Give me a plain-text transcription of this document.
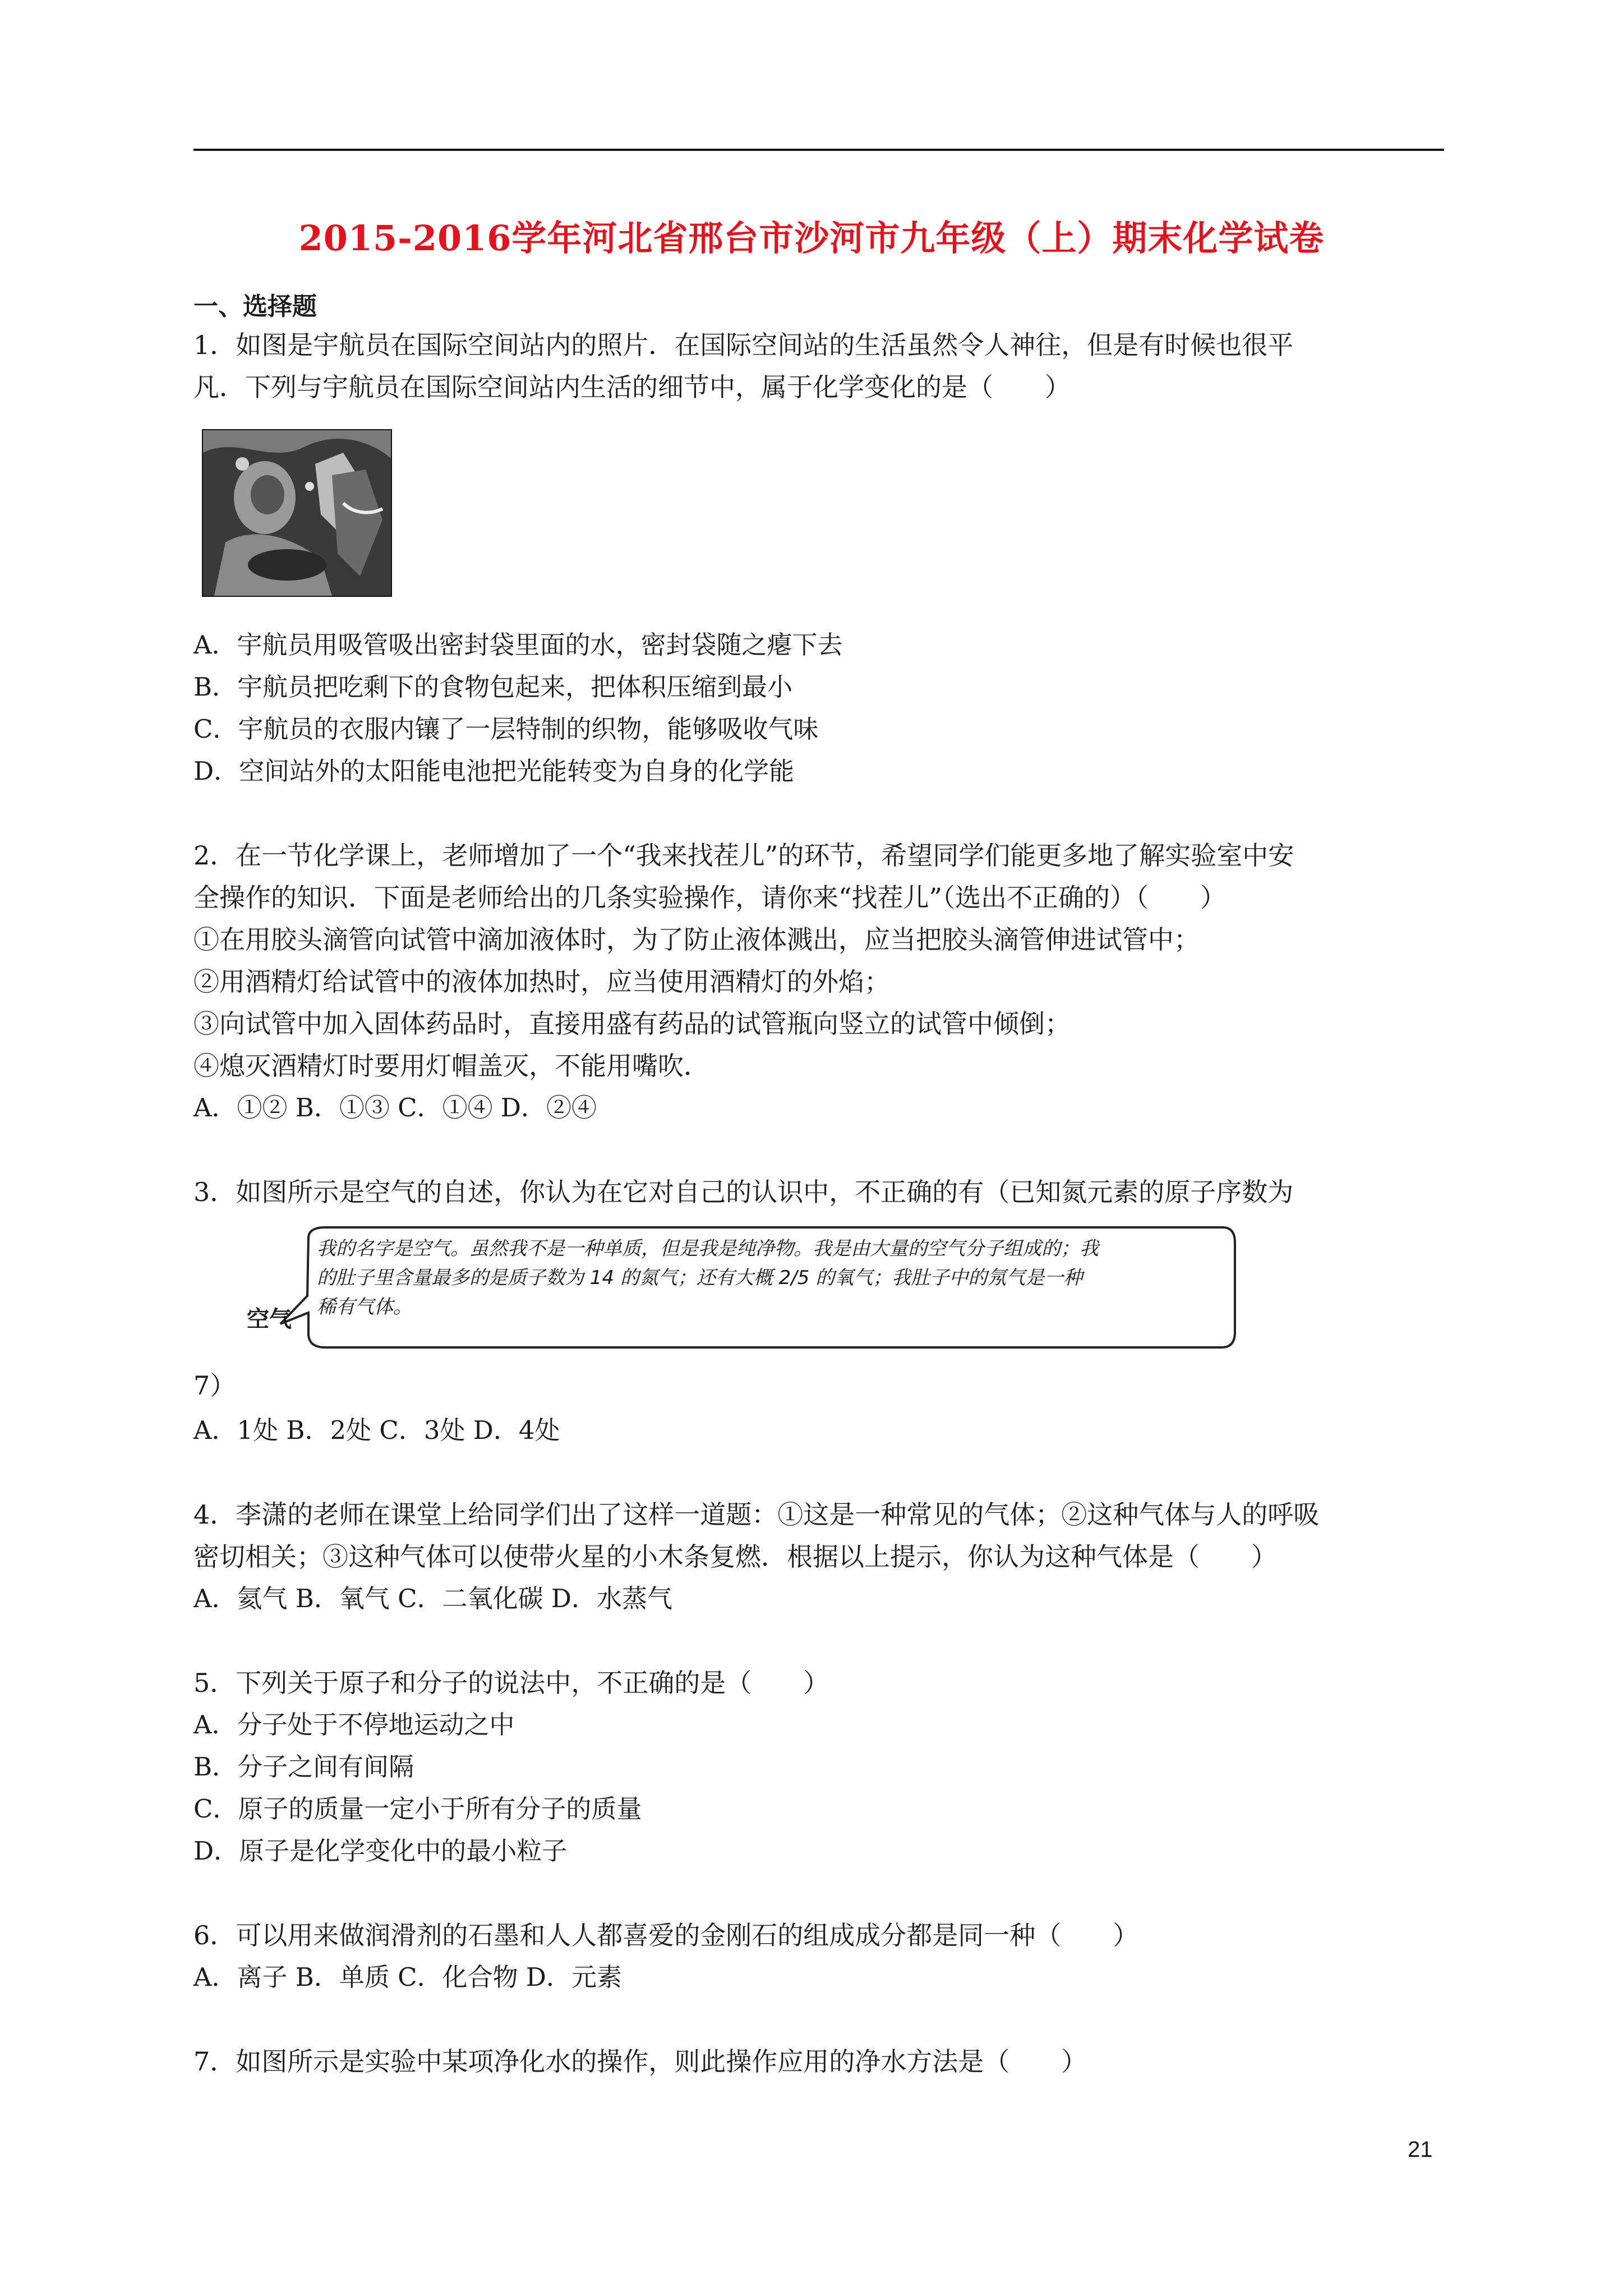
2015-2016学年河北省邢台市沙河市九年级（上）期末化学试卷
一、选择题
1．如图是宇航员在国际空间站内的照片．在国际空间站的生活虽然令人神往，但是有时候也很平
凡．下列与宇航员在国际空间站内生活的细节中，属于化学变化的是（　　）
A．宇航员用吸管吸出密封袋里面的水，密封袋随之瘪下去
B．宇航员把吃剩下的食物包起来，把体积压缩到最小
C．宇航员的衣服内镶了一层特制的织物，能够吸收气味
D．空间站外的太阳能电池把光能转变为自身的化学能
2．在一节化学课上，老师增加了一个“我来找茬儿”的环节，希望同学们能更多地了解实验室中安
全操作的知识．下面是老师给出的几条实验操作，请你来“找茬儿”（选出不正确的）（　　）
①在用胶头滴管向试管中滴加液体时，为了防止液体溅出，应当把胶头滴管伸进试管中；
②用酒精灯给试管中的液体加热时，应当使用酒精灯的外焰；
③向试管中加入固体药品时，直接用盛有药品的试管瓶向竖立的试管中倾倒；
④熄灭酒精灯时要用灯帽盖灭，不能用嘴吹．
A．①② B．①③ C．①④ D．②④
3．如图所示是空气的自述，你认为在它对自己的认识中，不正确的有（已知氮元素的原子序数为
空气
我的名字是空气。虽然我不是一种单质，但是我是纯净物。我是由大量的空气分子组成的；我
的肚子里含量最多的是质子数为 14 的氮气；还有大概 2/5 的氧气；我肚子中的氖气是一种
稀有气体。
7）
A．1处 B．2处 C．3处 D．4处
4．李潇的老师在课堂上给同学们出了这样一道题：①这是一种常见的气体；②这种气体与人的呼吸
密切相关；③这种气体可以使带火星的小木条复燃．根据以上提示，你认为这种气体是（　　）
A．氦气 B．氧气 C．二氧化碳 D．水蒸气
5．下列关于原子和分子的说法中，不正确的是（　　）
A．分子处于不停地运动之中
B．分子之间有间隔
C．原子的质量一定小于所有分子的质量
D．原子是化学变化中的最小粒子
6．可以用来做润滑剂的石墨和人人都喜爱的金刚石的组成成分都是同一种（　　）
A．离子 B．单质 C．化合物 D．元素
7．如图所示是实验中某项净化水的操作，则此操作应用的净水方法是（　　）
21
